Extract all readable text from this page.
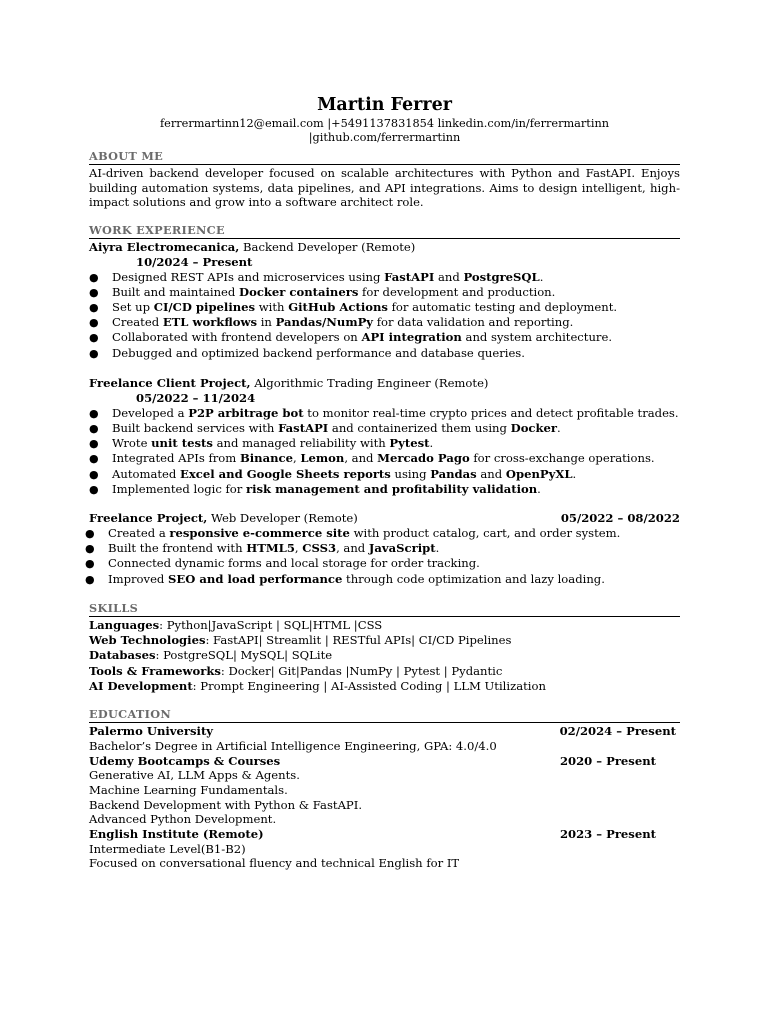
Martin Ferrer
ferrermartinn12@email.com |+5491137831854 linkedin.com/in/ferrermartinn
|github.com/ferrermartinn
ABOUT ME
AI-driven backend developer focused on scalable architectures with Python and FastAPI. Enjoys building automation systems, data pipelines, and API integrations. Aims to design intelligent, high-impact solutions and grow into a software architect role.
WORK EXPERIENCE
Aiyra Electromecanica, Backend Developer (Remote)
10/2024 – Present
● Designed REST APIs and microservices using FastAPI and PostgreSQL.
● Built and maintained Docker containers for development and production.
● Set up CI/CD pipelines with GitHub Actions for automatic testing and deployment.
● Created ETL workflows in Pandas/NumPy for data validation and reporting.
● Collaborated with frontend developers on API integration and system architecture.
● Debugged and optimized backend performance and database queries.
Freelance Client Project, Algorithmic Trading Engineer (Remote)
05/2022 – 11/2024
● Developed a P2P arbitrage bot to monitor real-time crypto prices and detect profitable trades.
● Built backend services with FastAPI and containerized them using Docker.
● Wrote unit tests and managed reliability with Pytest.
● Integrated APIs from Binance, Lemon, and Mercado Pago for cross-exchange operations.
● Automated Excel and Google Sheets reports using Pandas and OpenPyXL.
● Implemented logic for risk management and profitability validation.
Freelance Project, Web Developer (Remote)	05/2022 – 08/2022
● Created a responsive e-commerce site with product catalog, cart, and order system.
● Built the frontend with HTML5, CSS3, and JavaScript.
● Connected dynamic forms and local storage for order tracking.
● Improved SEO and load performance through code optimization and lazy loading.
SKILLS
Languages: Python|JavaScript | SQL|HTML |CSS
Web Technologies: FastAPI| Streamlit | RESTful APIs| CI/CD Pipelines
Databases: PostgreSQL| MySQL| SQLite
Tools & Frameworks: Docker| Git|Pandas |NumPy | Pytest | Pydantic
AI Development: Prompt Engineering | AI-Assisted Coding | LLM Utilization
EDUCATION
Palermo University	02/2024 – Present
Bachelor’s Degree in Artificial Intelligence Engineering, GPA: 4.0/4.0
Udemy Bootcamps & Courses	2020 – Present
Generative AI, LLM Apps & Agents.
Machine Learning Fundamentals.
Backend Development with Python & FastAPI.
Advanced Python Development.
English Institute (Remote)	2023 – Present
Intermediate Level(B1-B2)
Focused on conversational fluency and technical English for IT
